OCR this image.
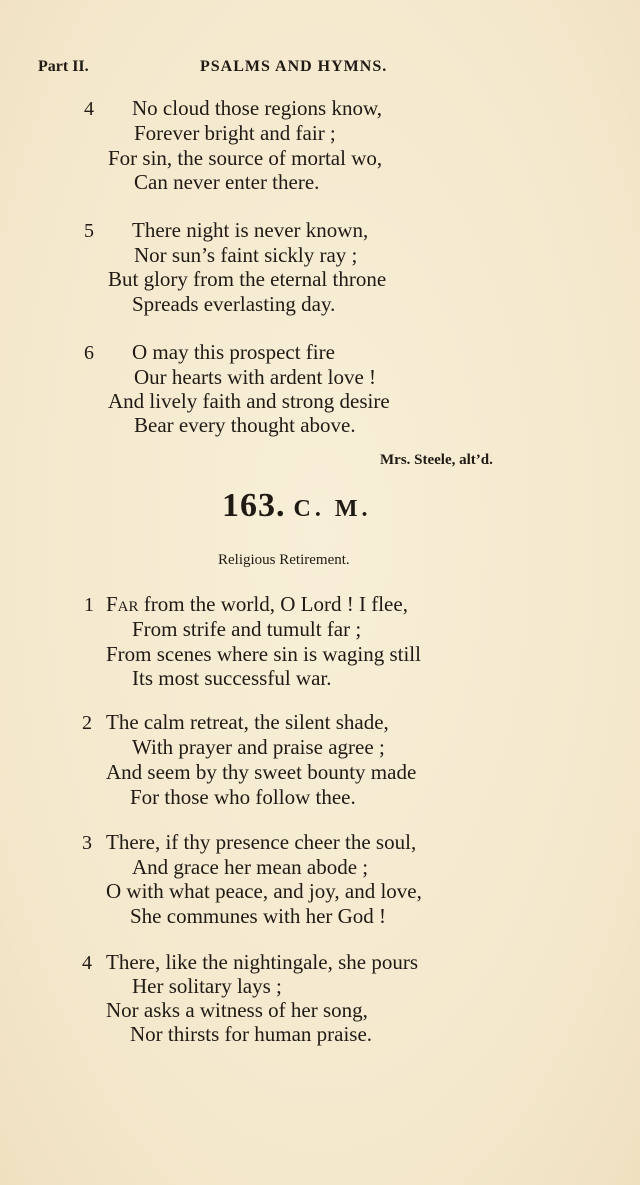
Part II.	PSALMS AND HYMNS.
4 No cloud those regions know,
Forever bright and fair ;
For sin, the source of mortal wo,
Can never enter there.
5 There night is never known,
Nor sun’s faint sickly ray ;
But glory from the eternal throne
Spreads everlasting day.
6 O may this prospect fire
Our hearts with ardent love !
And lively faith and strong desire
Bear every thought above.
Mrs. Steele, alt’d.
163. C. M.
Religious Retirement.
1 Far from the world, O Lord ! I flee,
From strife and tumult far ;
From scenes where sin is waging still
Its most successful war.
2 The calm retreat, the silent shade,
With prayer and praise agree ;
And seem by thy sweet bounty made
For those who follow thee.
3 There, if thy presence cheer the soul,
And grace her mean abode ;
O with what peace, and joy, and love,
She communes with her God !
4 There, like the nightingale, she pours
Her solitary lays ;
Nor asks a witness of her song,
Nor thirsts for human praise.
